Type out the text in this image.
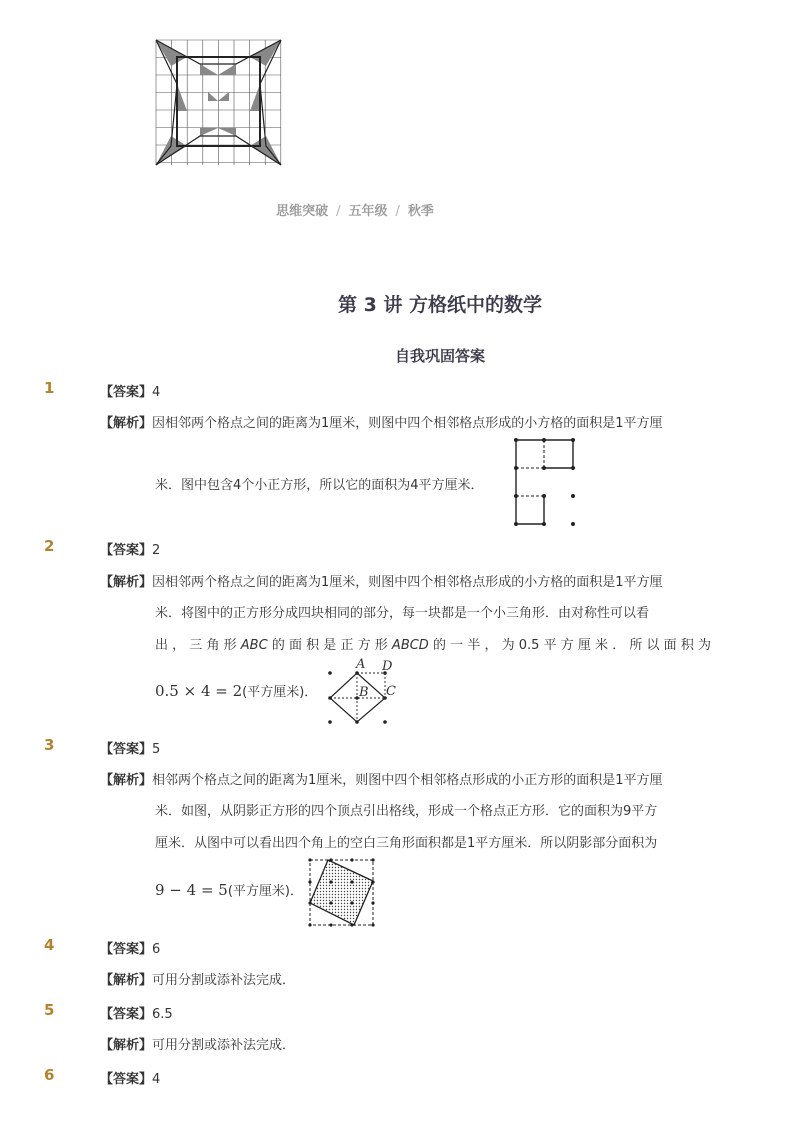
思维突破 / 五年级 / 秋季
第 3 讲 方格纸中的数学
自我巩固答案
1	【答案】4
【解析】因相邻两个格点之间的距离为1厘米，则图中四个相邻格点形成的小方格的面积是1平方厘
米．图中包含4个小正方形，所以它的面积为4平方厘米．
2	【答案】2
【解析】因相邻两个格点之间的距离为1厘米，则图中四个相邻格点形成的小方格的面积是1平方厘
米．将图中的正方形分成四块相同的部分，每一块都是一个小三角形．由对称性可以看
出，三角形ABC的面积是正方形ABCD的一半，为0.5平方厘米．所以面积为
0.5 × 4 = 2(平方厘米)．
A D
B C
3	【答案】5
【解析】相邻两个格点之间的距离为1厘米，则图中四个相邻格点形成的小正方形的面积是1平方厘
米．如图，从阴影正方形的四个顶点引出格线，形成一个格点正方形．它的面积为9平方
厘米．从图中可以看出四个角上的空白三角形面积都是1平方厘米．所以阴影部分面积为
9 − 4 = 5(平方厘米)．
4	【答案】6
【解析】可用分割或添补法完成．
5	【答案】6.5
【解析】可用分割或添补法完成．
6	【答案】4
